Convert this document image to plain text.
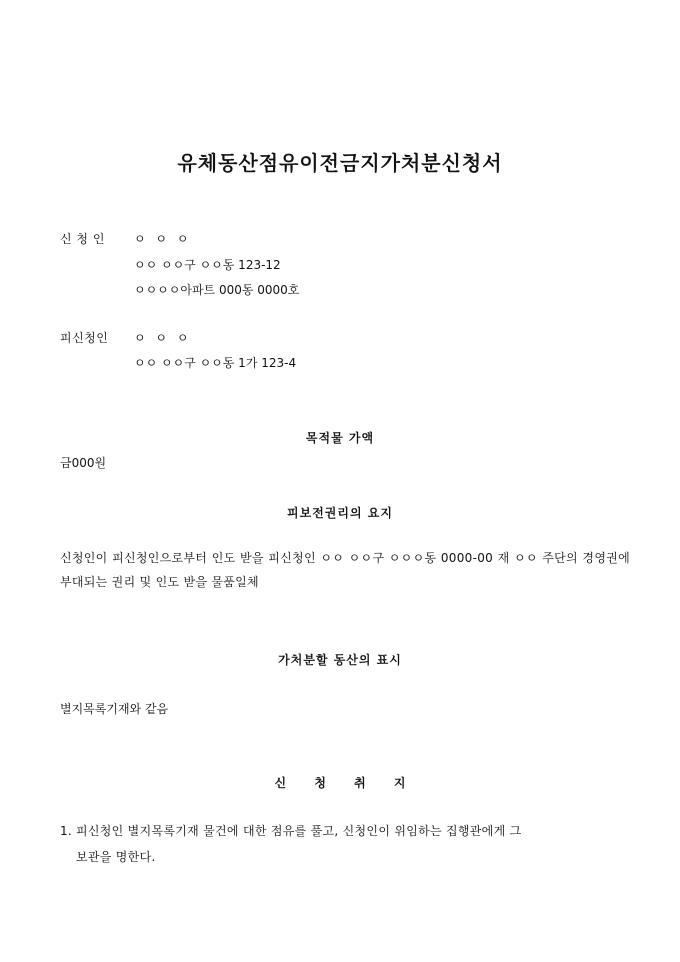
유체동산점유이전금지가처분신청서
신 청 인 ㅇ ㅇ ㅇ
ㅇㅇ ㅇㅇ구 ㅇㅇ동 123-12
ㅇㅇㅇㅇ아파트 000동 0000호
피신청인 ㅇ ㅇ ㅇ
ㅇㅇ ㅇㅇ구 ㅇㅇ동 1가 123-4
목적물 가액
금000원
피보전권리의 요지
신청인이 피신청인으로부터 인도 받을 피신청인 ㅇㅇ ㅇㅇ구 ㅇㅇㅇ동 0000-00 재 ㅇㅇ 주단의 경영권에 부대되는 권리 및 인도 받을 물품일체
가처분할 동산의 표시
별지목록기재와 같음
신 청 취 지
1. 피신청인 별지목록기재 물건에 대한 점유를 풀고, 신청인이 위임하는 집행관에게 그
보관을 명한다.
